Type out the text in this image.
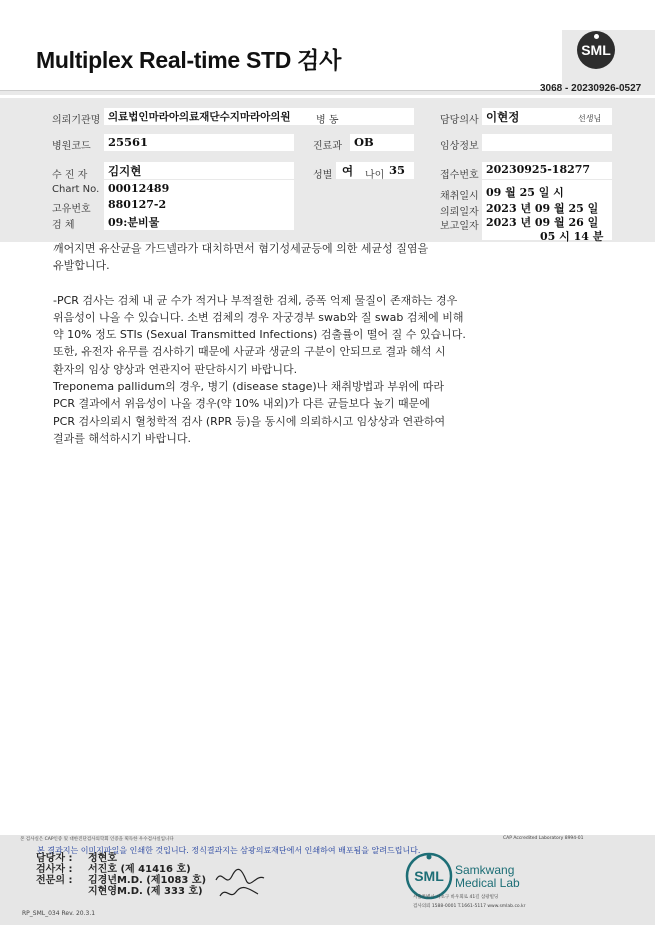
Multiplex Real-time STD 검사	SML
3068 - 20230926-0527
의뢰기관명 의료법인마라아의료재단수지마라아의원	병 동	담당의사 이현정	선생님
병원코드 25561	진료과 OB	임상정보
수 진 자 김지현	성별 여 나이 35	접수번호 20230925-18277
Chart No. 00012489
고유번호 880127-2
검 체	09:분비물
채취일시 09 월 25 일 시
의뢰일자 2023 년 09 월 25 일
보고일자 2023 년 09 월 26 일
05 시 14 분

깨어지면 유산균을 가드넬라가 대치하면서 혐기성세균등에 의한 세균성 질염을

유발합니다.

-PCR 검사는 검체 내 균 수가 적거나 부적절한 검체, 증폭 억제 물질이 존재하는 경우

위음성이 나올 수 있습니다. 소변 검체의 경우 자궁경부 swab와 질 swab 검체에 비해

약 10% 정도 STIs (Sexual Transmitted Infections) 검출률이 떨어 질 수 있습니다.

또한, 유전자 유무를 검사하기 때문에 사균과 생균의 구분이 안되므로 결과 해석 시

환자의 임상 양상과 연관지어 판단하시기 바랍니다.

Treponema pallidum의 경우, 병기 (disease stage)나 채취방법과 부위에 따라

PCR 결과에서 위음성이 나올 경우(약 10% 내외)가 다른 균들보다 높기 때문에

PCR 검사의뢰시 혈청학적 검사 (RPR 등)을 동시에 의뢰하시고 임상상과 연관하여

결과를 해석하시기 바랍니다.

본 검사실은 CAP인증 및 대한진단검사의학회 인증을 획득한 우수검사실입니다	CAP Accredited Laboratory 8994-01
본 결과지는 이미지파일을 인쇄한 것입니다. 정식결과지는 삼광의료재단에서 인쇄하여 배포됨을 알려드립니다.
담당자 : 정현호
검사자 : 서진호 (제 41416 호)
전문의 : 김경년M.D. (제1083 호)
지현영M.D. (제 333 호)
SML Samkwang
Medical Lab
서울특별시 서초구 바우뫼로 41길 삼광빌딩
검사의뢰 1588-0001 T.1661-5117 www.smlab.co.kr
RP_SML_034 Rev. 20.3.1
